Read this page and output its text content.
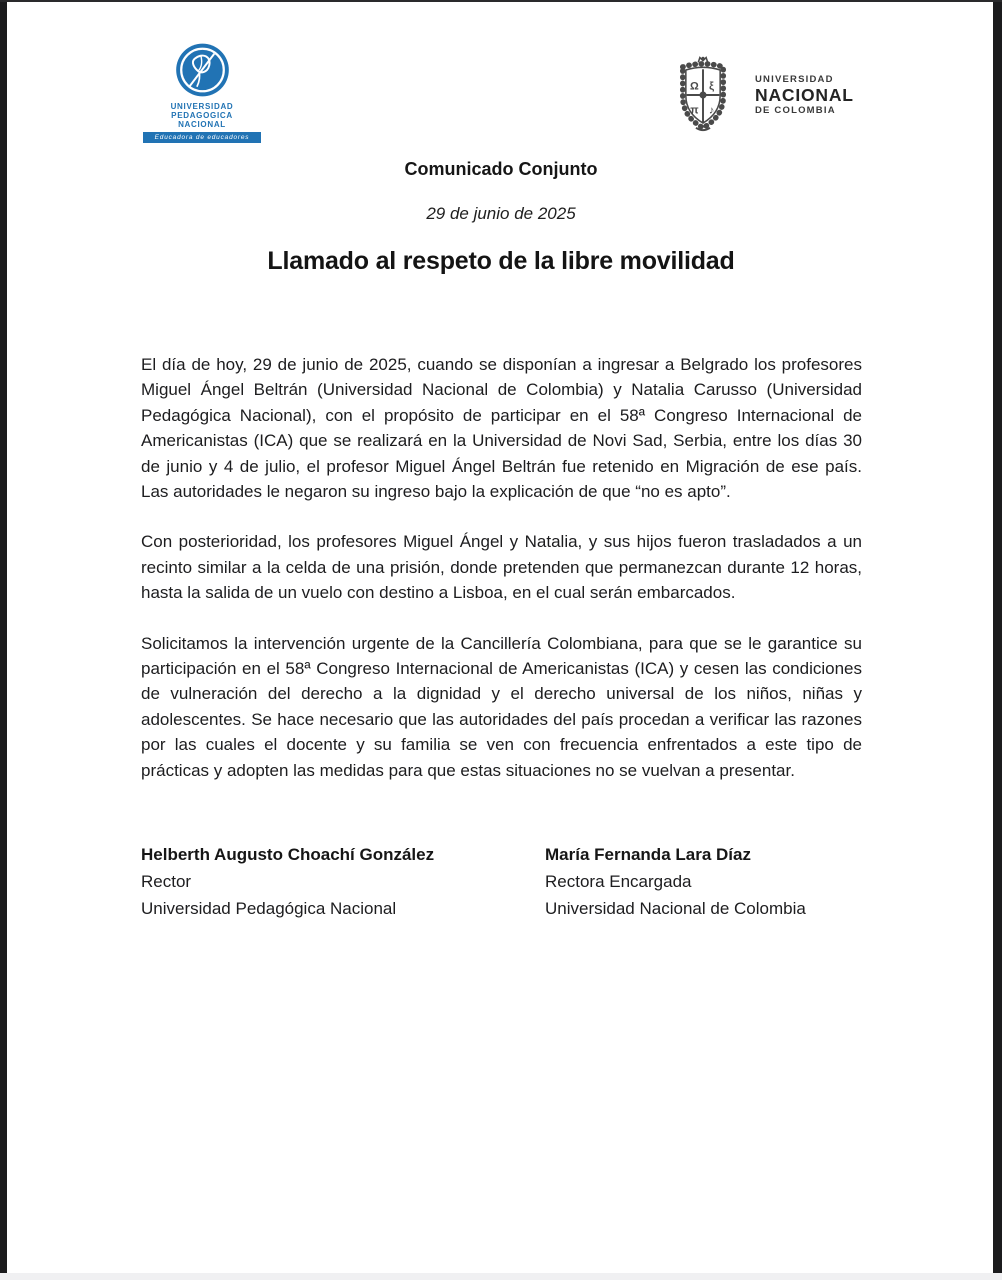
UNIVERSIDAD PEDAGOGICA
NACIONAL
Educadora de educadores
Ω ξ
π ♪
UNIVERSIDAD
NACIONAL
DE COLOMBIA
Comunicado Conjunto
29 de junio de 2025
Llamado al respeto de la libre movilidad

El día de hoy, 29 de junio de 2025, cuando se disponían a ingresar a Belgrado los profesores Miguel Ángel Beltrán (Universidad Nacional de Colombia) y Natalia Carusso (Universidad Pedagógica Nacional), con el propósito de participar en el 58ª Congreso Internacional de Americanistas (ICA) que se realizará en la Universidad de Novi Sad, Serbia, entre los días 30 de junio y 4 de julio, el profesor Miguel Ángel Beltrán fue retenido en Migración de ese país. Las autoridades le negaron su ingreso bajo la explicación de que “no es apto”.

Con posterioridad, los profesores Miguel Ángel y Natalia, y sus hijos fueron trasladados a un recinto similar a la celda de una prisión, donde pretenden que permanezcan durante 12 horas, hasta la salida de un vuelo con destino a Lisboa, en el cual serán embarcados.

Solicitamos la intervención urgente de la Cancillería Colombiana, para que se le garantice su participación en el 58ª Congreso Internacional de Americanistas (ICA) y cesen las condiciones de vulneración del derecho a la dignidad y el derecho universal de los niños, niñas y adolescentes. Se hace necesario que las autoridades del país procedan a verificar las razones por las cuales el docente y su familia se ven con frecuencia enfrentados a este tipo de prácticas y adopten las medidas para que estas situaciones no se vuelvan a presentar.

Helberth Augusto Choachí González
Rector
Universidad Pedagógica Nacional
María Fernanda Lara Díaz
Rectora Encargada
Universidad Nacional de Colombia
